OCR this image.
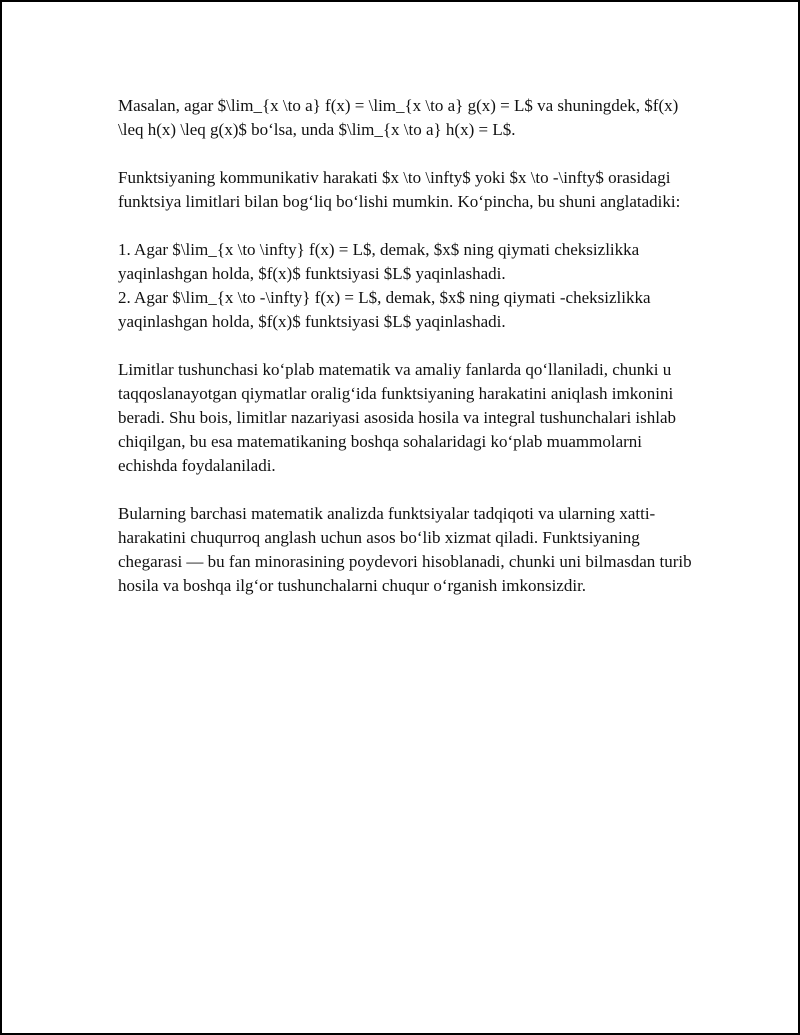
Masalan, agar $\lim_{x \to a} f(x) = \lim_{x \to a} g(x) = L$ va shuningdek, $f(x) \leq h(x) \leq g(x)$ bo‘lsa, unda $\lim_{x \to a} h(x) = L$.

Funktsiyaning kommunikativ harakati $x \to \infty$ yoki $x \to -\infty$ orasidagi funktsiya limitlari bilan bog‘liq bo‘lishi mumkin. Ko‘pincha, bu shuni anglatadiki:

1. Agar $\lim_{x \to \infty} f(x) = L$, demak, $x$ ning qiymati cheksizlikka yaqinlashgan holda, $f(x)$ funktsiyasi $L$ yaqinlashadi.

2. Agar $\lim_{x \to -\infty} f(x) = L$, demak, $x$ ning qiymati -cheksizlikka yaqinlashgan holda, $f(x)$ funktsiyasi $L$ yaqinlashadi.

Limitlar tushunchasi ko‘plab matematik va amaliy fanlarda qo‘llaniladi, chunki u taqqoslanayotgan qiymatlar oralig‘ida funktsiyaning harakatini aniqlash imkonini beradi. Shu bois, limitlar nazariyasi asosida hosila va integral tushunchalari ishlab chiqilgan, bu esa matematikaning boshqa sohalaridagi ko‘plab muammolarni echishda foydalaniladi.

Bularning barchasi matematik analizda funktsiyalar tadqiqoti va ularning xatti-harakatini chuqurroq anglash uchun asos bo‘lib xizmat qiladi. Funktsiyaning chegarasi — bu fan minorasining poydevori hisoblanadi, chunki uni bilmasdan turib hosila va boshqa ilg‘or tushunchalarni chuqur o‘rganish imkonsizdir.
